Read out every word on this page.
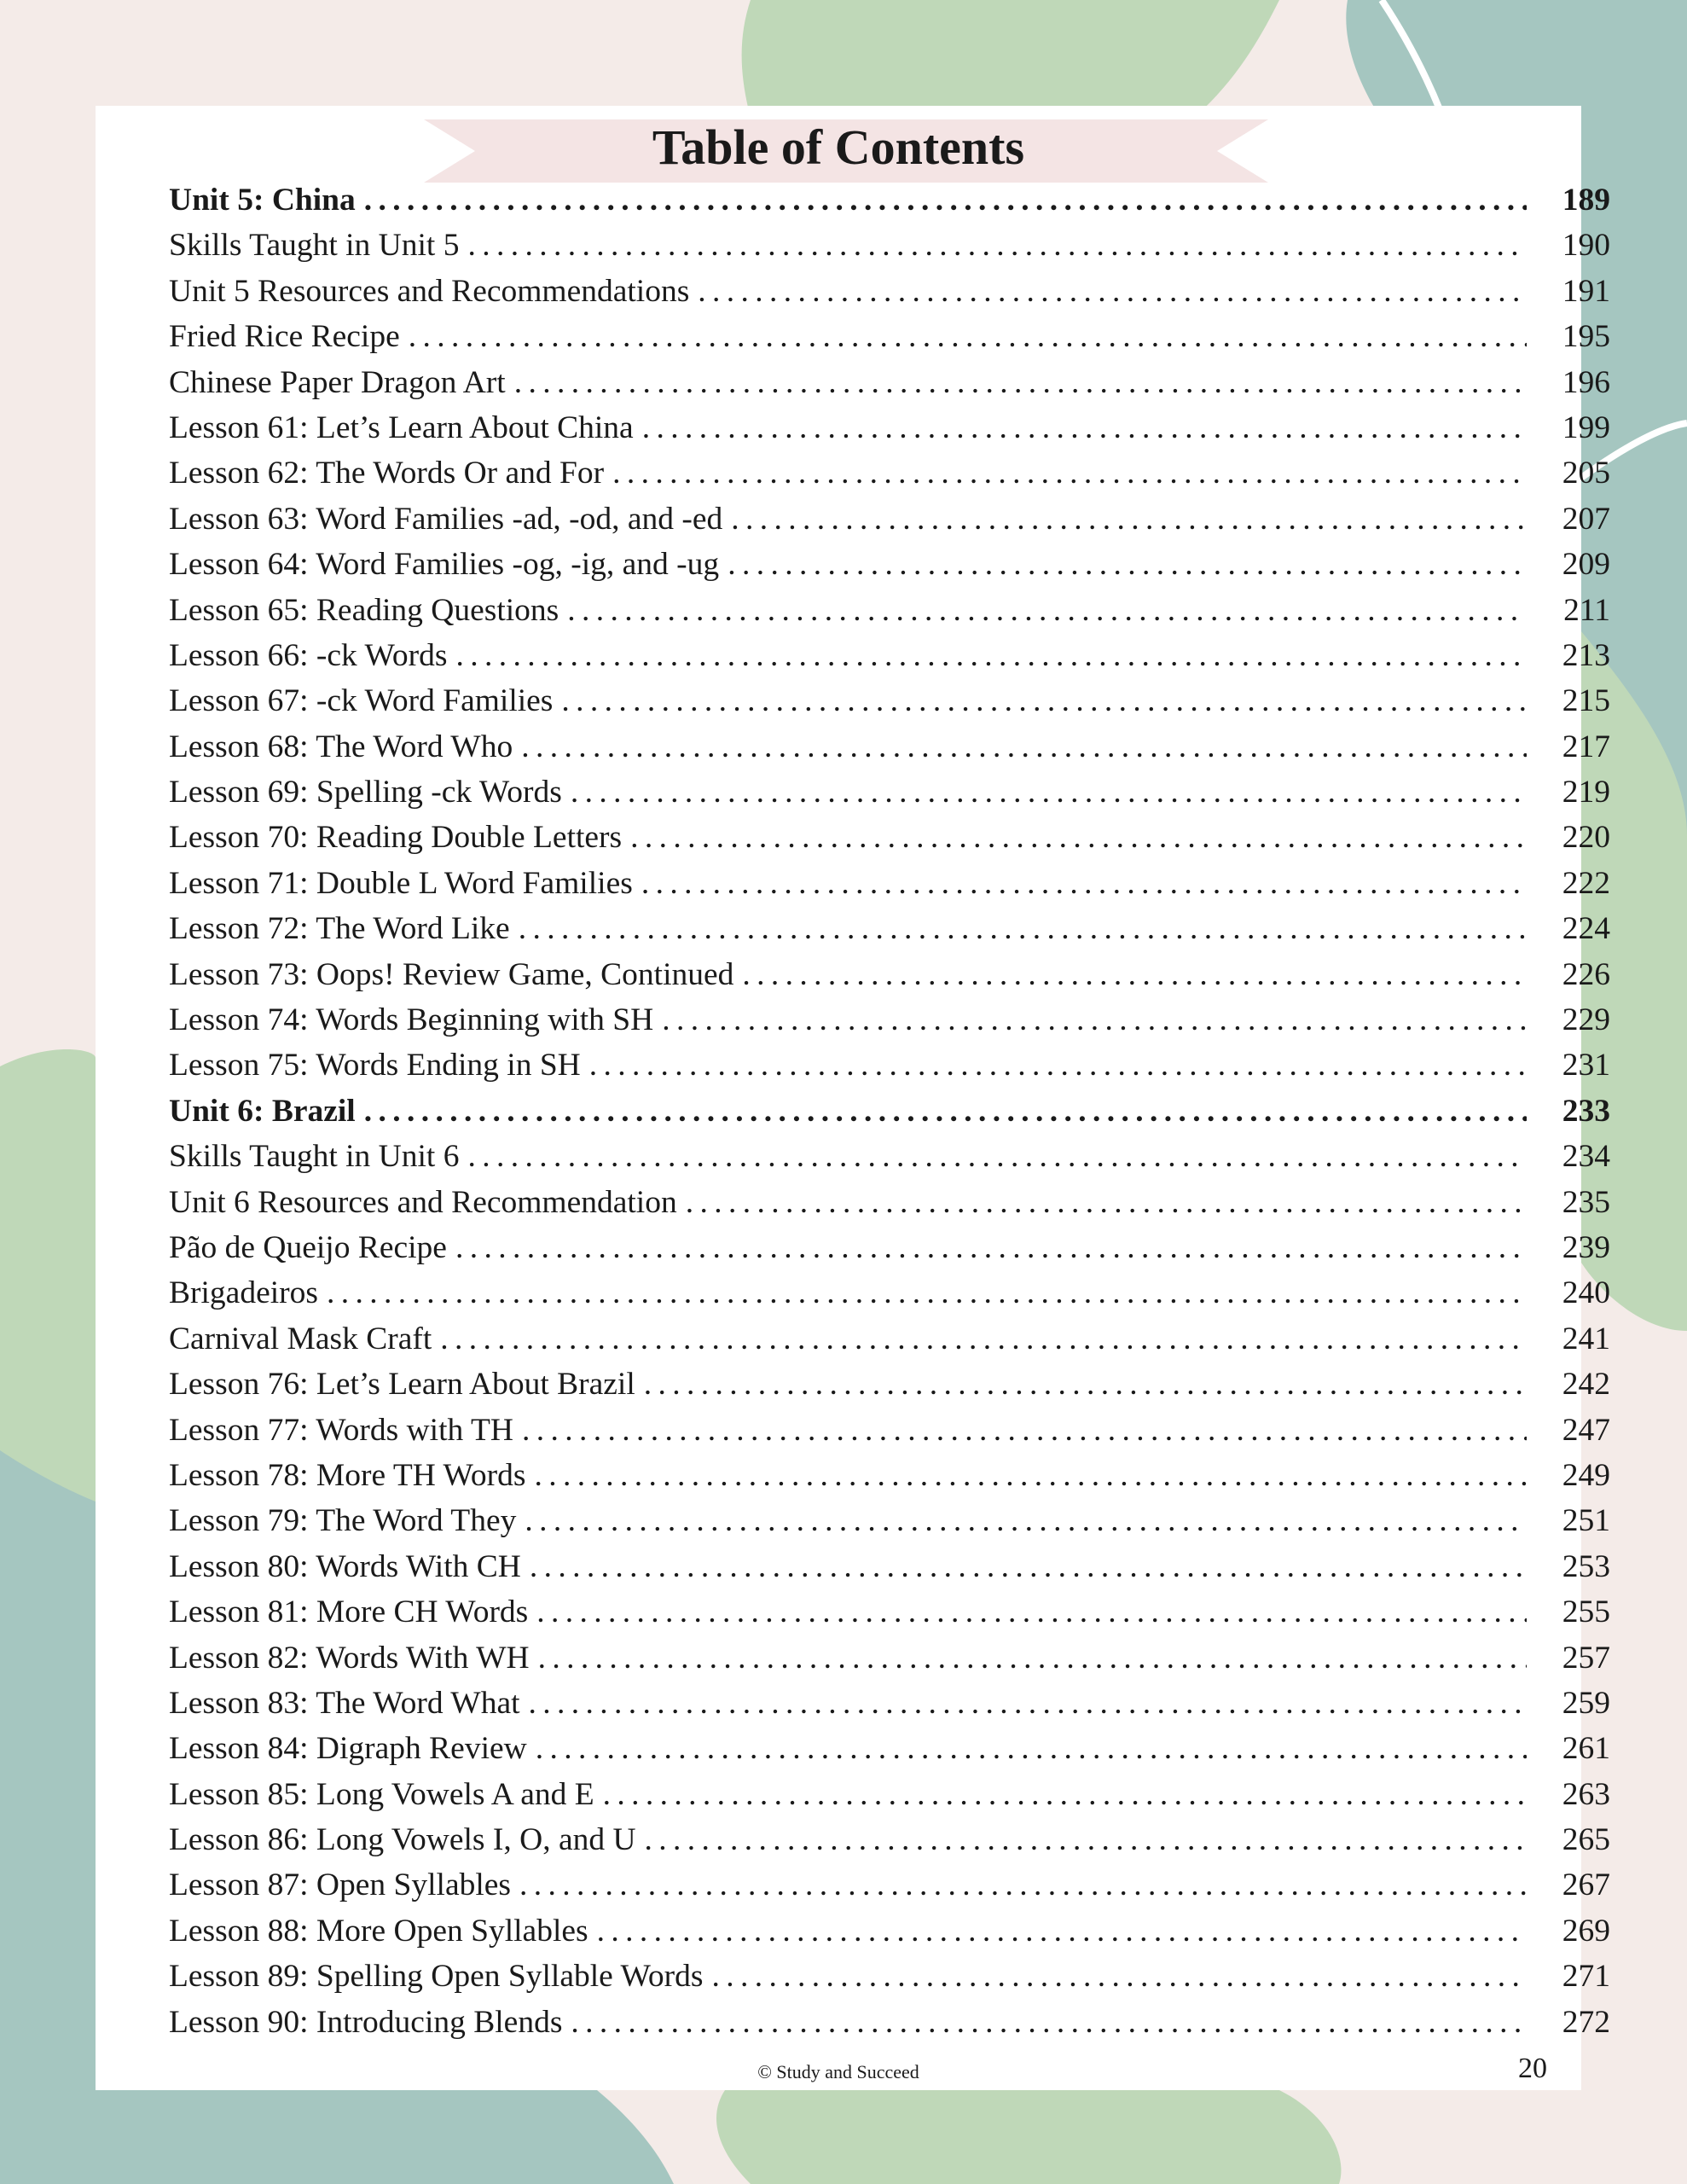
Table of Contents
Unit 5: China . . .	189
Skills Taught in Unit 5 . . .	190
Unit 5 Resources and Recommendations . . .	191
Fried Rice Recipe . . .	195
Chinese Paper Dragon Art . . .	196
Lesson 61: Let’s Learn About China . . .	199
Lesson 62: The Words Or and For . . .	205
Lesson 63: Word Families -ad, -od, and -ed . . .	207
Lesson 64: Word Families -og, -ig, and -ug . . .	209
Lesson 65: Reading Questions . . .	211
Lesson 66: -ck Words . . .	213
Lesson 67: -ck Word Families . . .	215
Lesson 68: The Word Who . . .	217
Lesson 69: Spelling -ck Words . . .	219
Lesson 70: Reading Double Letters . . .	220
Lesson 71: Double L Word Families . . .	222
Lesson 72: The Word Like . . .	224
Lesson 73: Oops! Review Game, Continued . . .	226
Lesson 74: Words Beginning with SH . . .	229
Lesson 75: Words Ending in SH . . .	231
Unit 6: Brazil . . .	233
Skills Taught in Unit 6 . . .	234
Unit 6 Resources and Recommendation . . .	235
Pão de Queijo Recipe . . .	239
Brigadeiros . . .	240
Carnival Mask Craft . . .	241
Lesson 76: Let’s Learn About Brazil . . .	242
Lesson 77: Words with TH . . .	247
Lesson 78: More TH Words . . .	249
Lesson 79: The Word They . . .	251
Lesson 80: Words With CH . . .	253
Lesson 81: More CH Words . . .	255
Lesson 82: Words With WH . . .	257
Lesson 83: The Word What . . .	259
Lesson 84: Digraph Review . . .	261
Lesson 85: Long Vowels A and E . . .	263
Lesson 86: Long Vowels I, O, and U . . .	265
Lesson 87: Open Syllables . . .	267
Lesson 88: More Open Syllables . . .	269
Lesson 89: Spelling Open Syllable Words . . .	271
Lesson 90: Introducing Blends . . .	272
© Study and Succeed	20
